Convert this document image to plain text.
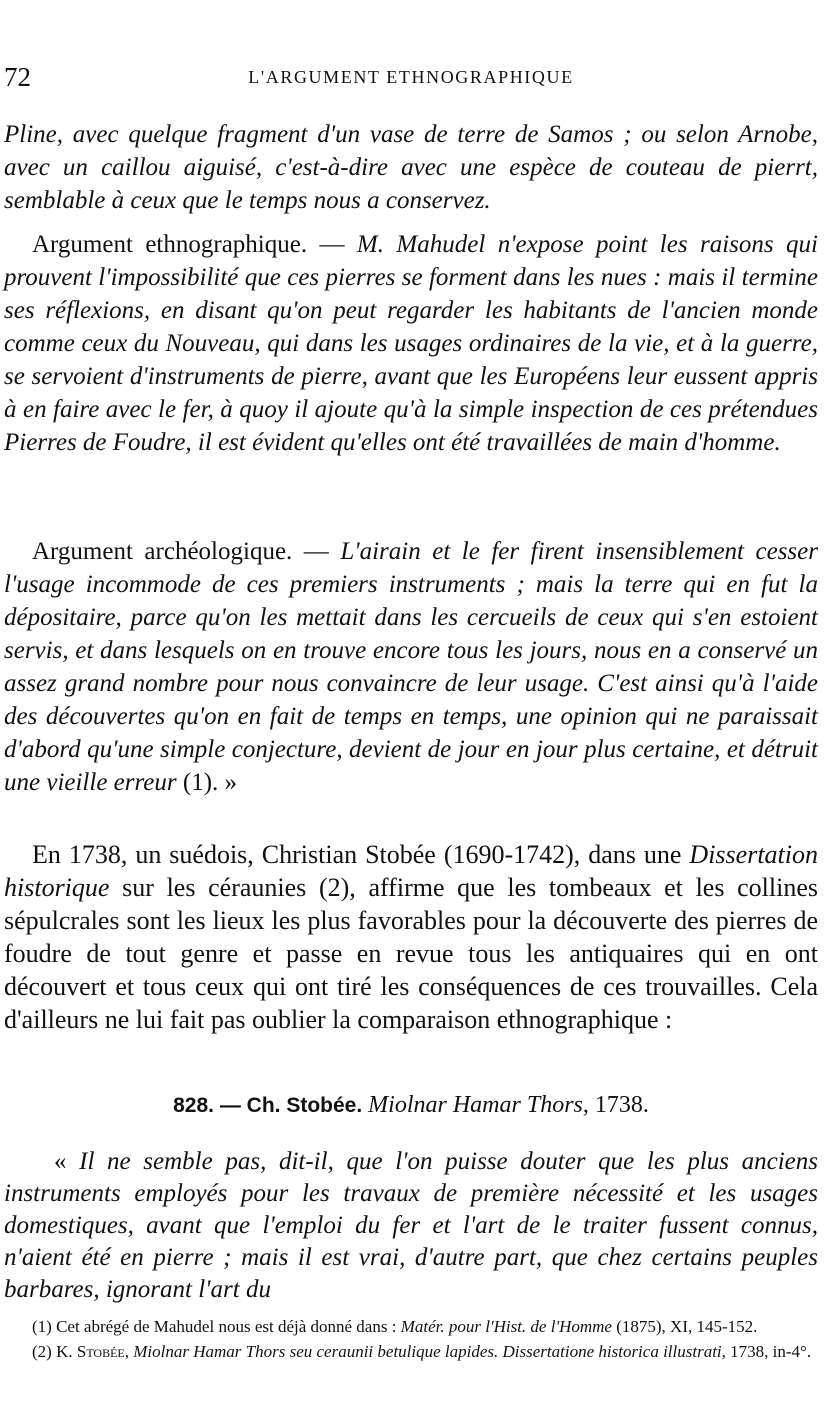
72	L'ARGUMENT ETHNOGRAPHIQUE

Pline, avec quelque fragment d'un vase de terre de Samos ; ou selon Arnobe, avec un caillou aiguisé, c'est-à-dire avec une espèce de couteau de pierrt, semblable à ceux que le temps nous a conservez.

Argument ethnographique. — M. Mahudel n'expose point les raisons qui prouvent l'impossibilité que ces pierres se forment dans les nues : mais il termine ses réflexions, en disant qu'on peut regarder les habitants de l'ancien monde comme ceux du Nouveau, qui dans les usages ordinaires de la vie, et à la guerre, se servoient d'instruments de pierre, avant que les Européens leur eussent appris à en faire avec le fer, à quoy il ajoute qu'à la simple inspection de ces prétendues Pierres de Foudre, il est évident qu'elles ont été travaillées de main d'homme.

Argument archéologique. — L'airain et le fer firent insensiblement cesser l'usage incommode de ces premiers instruments ; mais la terre qui en fut la dépositaire, parce qu'on les mettait dans les cercueils de ceux qui s'en estoient servis, et dans lesquels on en trouve encore tous les jours, nous en a conservé un assez grand nombre pour nous convaincre de leur usage. C'est ainsi qu'à l'aide des découvertes qu'on en fait de temps en temps, une opinion qui ne paraissait d'abord qu'une simple conjecture, devient de jour en jour plus certaine, et détruit une vieille erreur (1). »

En 1738, un suédois, Christian Stobée (1690-1742), dans une Dissertation historique sur les céraunies (2), affirme que les tombeaux et les collines sépulcrales sont les lieux les plus favorables pour la découverte des pierres de foudre de tout genre et passe en revue tous les antiquaires qui en ont découvert et tous ceux qui ont tiré les conséquences de ces trouvailles. Cela d'ailleurs ne lui fait pas oublier la comparaison ethnographique :

828. — Ch. Stobée. Miolnar Hamar Thors, 1738.

« Il ne semble pas, dit-il, que l'on puisse douter que les plus anciens instruments employés pour les travaux de première nécessité et les usages domestiques, avant que l'emploi du fer et l'art de le traiter fussent connus, n'aient été en pierre ; mais il est vrai, d'autre part, que chez certains peuples barbares, ignorant l'art du

(1) Cet abrégé de Mahudel nous est déjà donné dans : Matér. pour l'Hist. de l'Homme (1875), XI, 145-152.

(2) K. Stobée, Miolnar Hamar Thors seu ceraunii betulique lapides. Dissertatione historica illustrati, 1738, in-4°.
